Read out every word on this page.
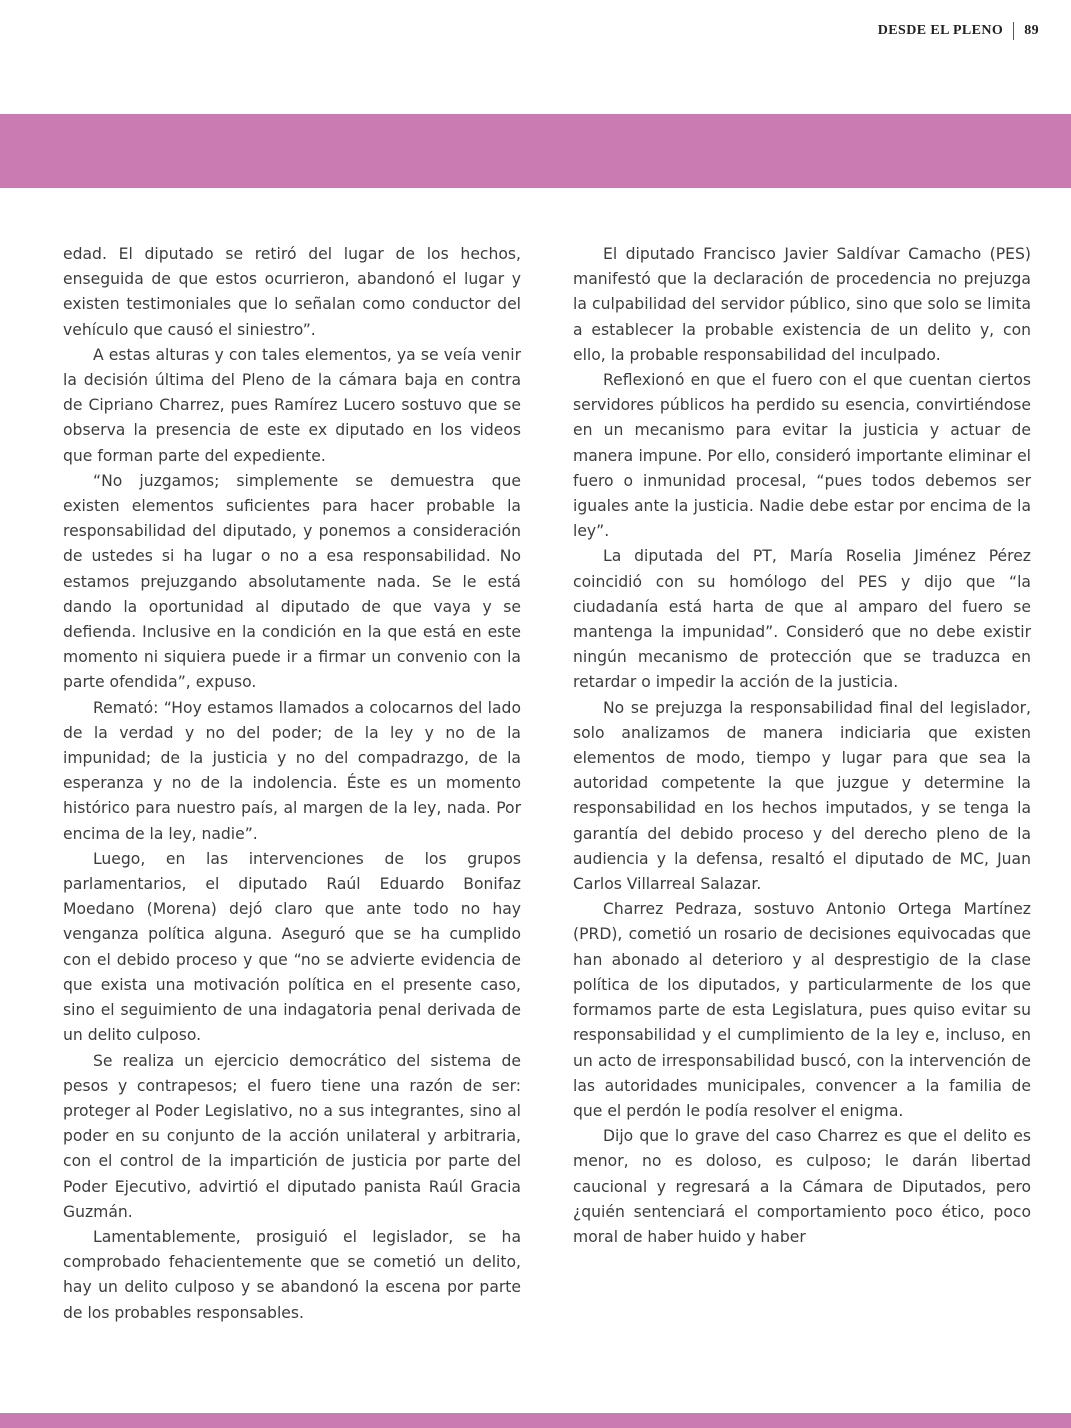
DESDE EL PLENO 89

edad. El diputado se retiró del lugar de los hechos, enseguida de que estos ocurrieron, abandonó el lugar y existen testimoniales que lo señalan como conductor del vehículo que causó el siniestro”.

A estas alturas y con tales elementos, ya se veía venir la decisión última del Pleno de la cámara baja en contra de Cipriano Charrez, pues Ramírez Lucero sostuvo que se observa la presencia de este ex diputado en los videos que forman parte del expediente.

“No juzgamos; simplemente se demuestra que existen elementos suficientes para hacer probable la responsabilidad del diputado, y ponemos a consideración de ustedes si ha lugar o no a esa responsabilidad. No estamos prejuzgando absolutamente nada. Se le está dando la oportunidad al diputado de que vaya y se defienda. Inclusive en la condición en la que está en este momento ni siquiera puede ir a firmar un convenio con la parte ofendida”, expuso.

Remató: “Hoy estamos llamados a colocarnos del lado de la verdad y no del poder; de la ley y no de la impunidad; de la justicia y no del compadrazgo, de la esperanza y no de la indolencia. Éste es un momento histórico para nuestro país, al margen de la ley, nada. Por encima de la ley, nadie”.

Luego, en las intervenciones de los grupos parlamentarios, el diputado Raúl Eduardo Bonifaz Moedano (Morena) dejó claro que ante todo no hay venganza política alguna. Aseguró que se ha cumplido con el debido proceso y que “no se advierte evidencia de que exista una motivación política en el presente caso, sino el seguimiento de una indagatoria penal derivada de un delito culposo.

Se realiza un ejercicio democrático del sistema de pesos y contrapesos; el fuero tiene una razón de ser: proteger al Poder Legislativo, no a sus integrantes, sino al poder en su conjunto de la acción unilateral y arbitraria, con el control de la impartición de justicia por parte del Poder Ejecutivo, advirtió el diputado panista Raúl Gracia Guzmán.

Lamentablemente, prosiguió el legislador, se ha comprobado fehacientemente que se cometió un delito, hay un delito culposo y se abandonó la escena por parte de los probables responsables.

El diputado Francisco Javier Saldívar Camacho (PES) manifestó que la declaración de procedencia no prejuzga la culpabilidad del servidor público, sino que solo se limita a establecer la probable existencia de un delito y, con ello, la probable responsabilidad del inculpado.

Reflexionó en que el fuero con el que cuentan ciertos servidores públicos ha perdido su esencia, convirtiéndose en un mecanismo para evitar la justicia y actuar de manera impune. Por ello, consideró importante eliminar el fuero o inmunidad procesal, “pues todos debemos ser iguales ante la justicia. Nadie debe estar por encima de la ley”.

La diputada del PT, María Roselia Jiménez Pérez coincidió con su homólogo del PES y dijo que “la ciudadanía está harta de que al amparo del fuero se mantenga la impunidad”. Consideró que no debe existir ningún mecanismo de protección que se traduzca en retardar o impedir la acción de la justicia.

No se prejuzga la responsabilidad final del legislador, solo analizamos de manera indiciaria que existen elementos de modo, tiempo y lugar para que sea la autoridad competente la que juzgue y determine la responsabilidad en los hechos imputados, y se tenga la garantía del debido proceso y del derecho pleno de la audiencia y la defensa, resaltó el diputado de MC, Juan Carlos Villarreal Salazar.

Charrez Pedraza, sostuvo Antonio Ortega Martínez (PRD), cometió un rosario de decisiones equivocadas que han abonado al deterioro y al desprestigio de la clase política de los diputados, y particularmente de los que formamos parte de esta Legislatura, pues quiso evitar su responsabilidad y el cumplimiento de la ley e, incluso, en un acto de irresponsabilidad buscó, con la intervención de las autoridades municipales, convencer a la familia de que el perdón le podía resolver el enigma.

Dijo que lo grave del caso Charrez es que el delito es menor, no es doloso, es culposo; le darán libertad caucional y regresará a la Cámara de Diputados, pero ¿quién sentenciará el comportamiento poco ético, poco moral de haber huido y haber
